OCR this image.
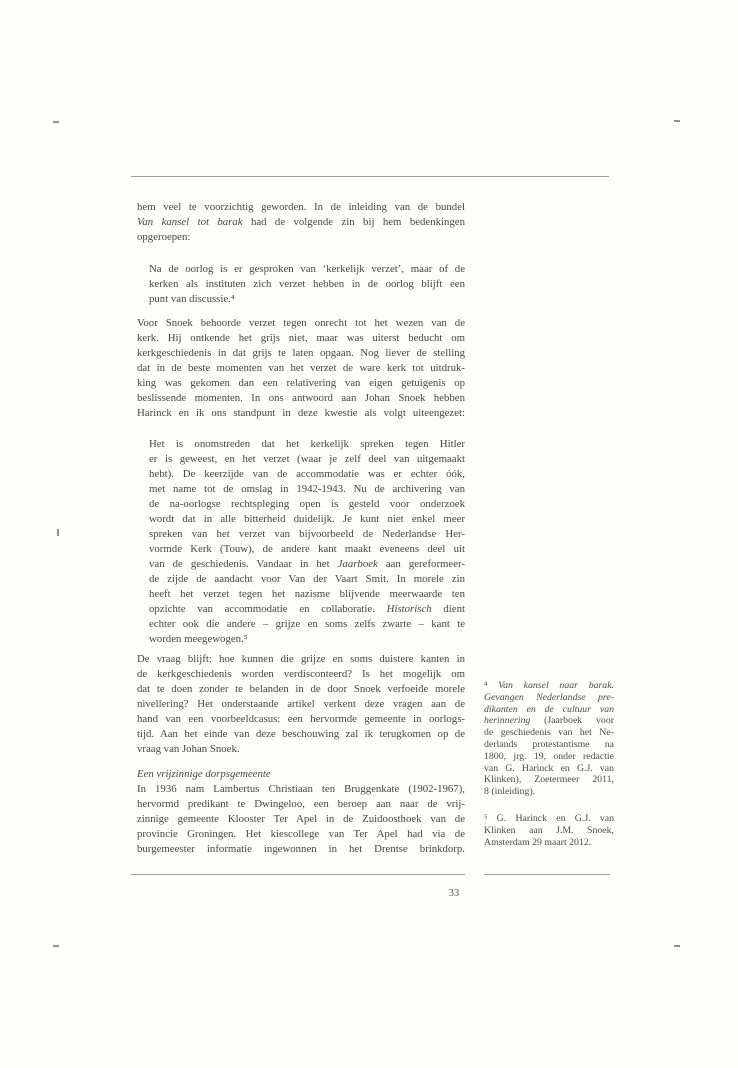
hem veel te voorzichtig geworden. In de inleiding van de bundel
Van kansel tot barak had de volgende zin bij hem bedenkingen
opgeroepen:
Na de oorlog is er gesproken van ‘kerkelijk verzet’, maar of de
kerken als instituten zich verzet hebben in de oorlog blijft een
punt van discussie.⁴
Voor Snoek behoorde verzet tegen onrecht tot het wezen van de
kerk. Hij ontkende het grijs niet, maar was uiterst beducht om
kerkgeschiedenis in dat grijs te laten opgaan. Nog liever de stelling
dat in de beste momenten van het verzet de ware kerk tot uitdruk-
king was gekomen dan een relativering van eigen getuigenis op
beslissende momenten. In ons antwoord aan Johan Snoek hebben
Harinck en ik ons standpunt in deze kwestie als volgt uiteengezet:
Het is onomstreden dat het kerkelijk spreken tegen Hitler
er is geweest, en het verzet (waar je zelf deel van uitgemaakt
hebt). De keerzijde van de accommodatie was er echter óók,
met name tot de omslag in 1942-1943. Nu de archivering van
de na-oorlogse rechtspleging open is gesteld voor onderzoek
wordt dat in alle bitterheid duidelijk. Je kunt niet enkel meer
spreken van het verzet van bijvoorbeeld de Nederlandse Her-
vormde Kerk (Touw), de andere kant maakt eveneens deel uit
van de geschiedenis. Vandaar in het Jaarboek aan gereformeer-
de zijde de aandacht voor Van der Vaart Smit. In morele zin
heeft het verzet tegen het nazisme blijvende meerwaarde ten
opzichte van accommodatie en collaboratie. Historisch dient
echter ook die andere – grijze en soms zelfs zwarte – kant te
worden meegewogen.⁵
De vraag blijft: hoe kunnen die grijze en soms duistere kanten in
de kerkgeschiedenis worden verdisconteerd? Is het mogelijk om
dat te doen zonder te belanden in de door Snoek verfoeide morele
nivellering? Het onderstaande artikel verkent deze vragen aan de
hand van een voorbeeldcasus: een hervormde gemeente in oorlogs-
tijd. Aan het einde van deze beschouwing zal ik terugkomen op de
vraag van Johan Snoek.
Een vrijzinnige dorpsgemeente
In 1936 nam Lambertus Christiaan ten Bruggenkate (1902-1967),
hervormd predikant te Dwingeloo, een beroep aan naar de vrij-
zinnige gemeente Klooster Ter Apel in de Zuidoosthoek van de
provincie Groningen. Het kiescollege van Ter Apel had via de
burgemeester informatie ingewonnen in het Drentse brinkdorp.
⁴ Van kansel naar barak.
Gevangen Nederlandse pre-
dikanten en de cultuur van
herinnering (Jaarboek voor
de geschiedenis van het Ne-
derlands protestantisme na
1800, jrg. 19, onder redactie
van G. Harinck en G.J. van
Klinken), Zoetermeer 2011,
8 (inleiding).
⁵ G. Harinck en G.J. van
Klinken aan J.M. Snoek,
Amsterdam 29 maart 2012.
33
